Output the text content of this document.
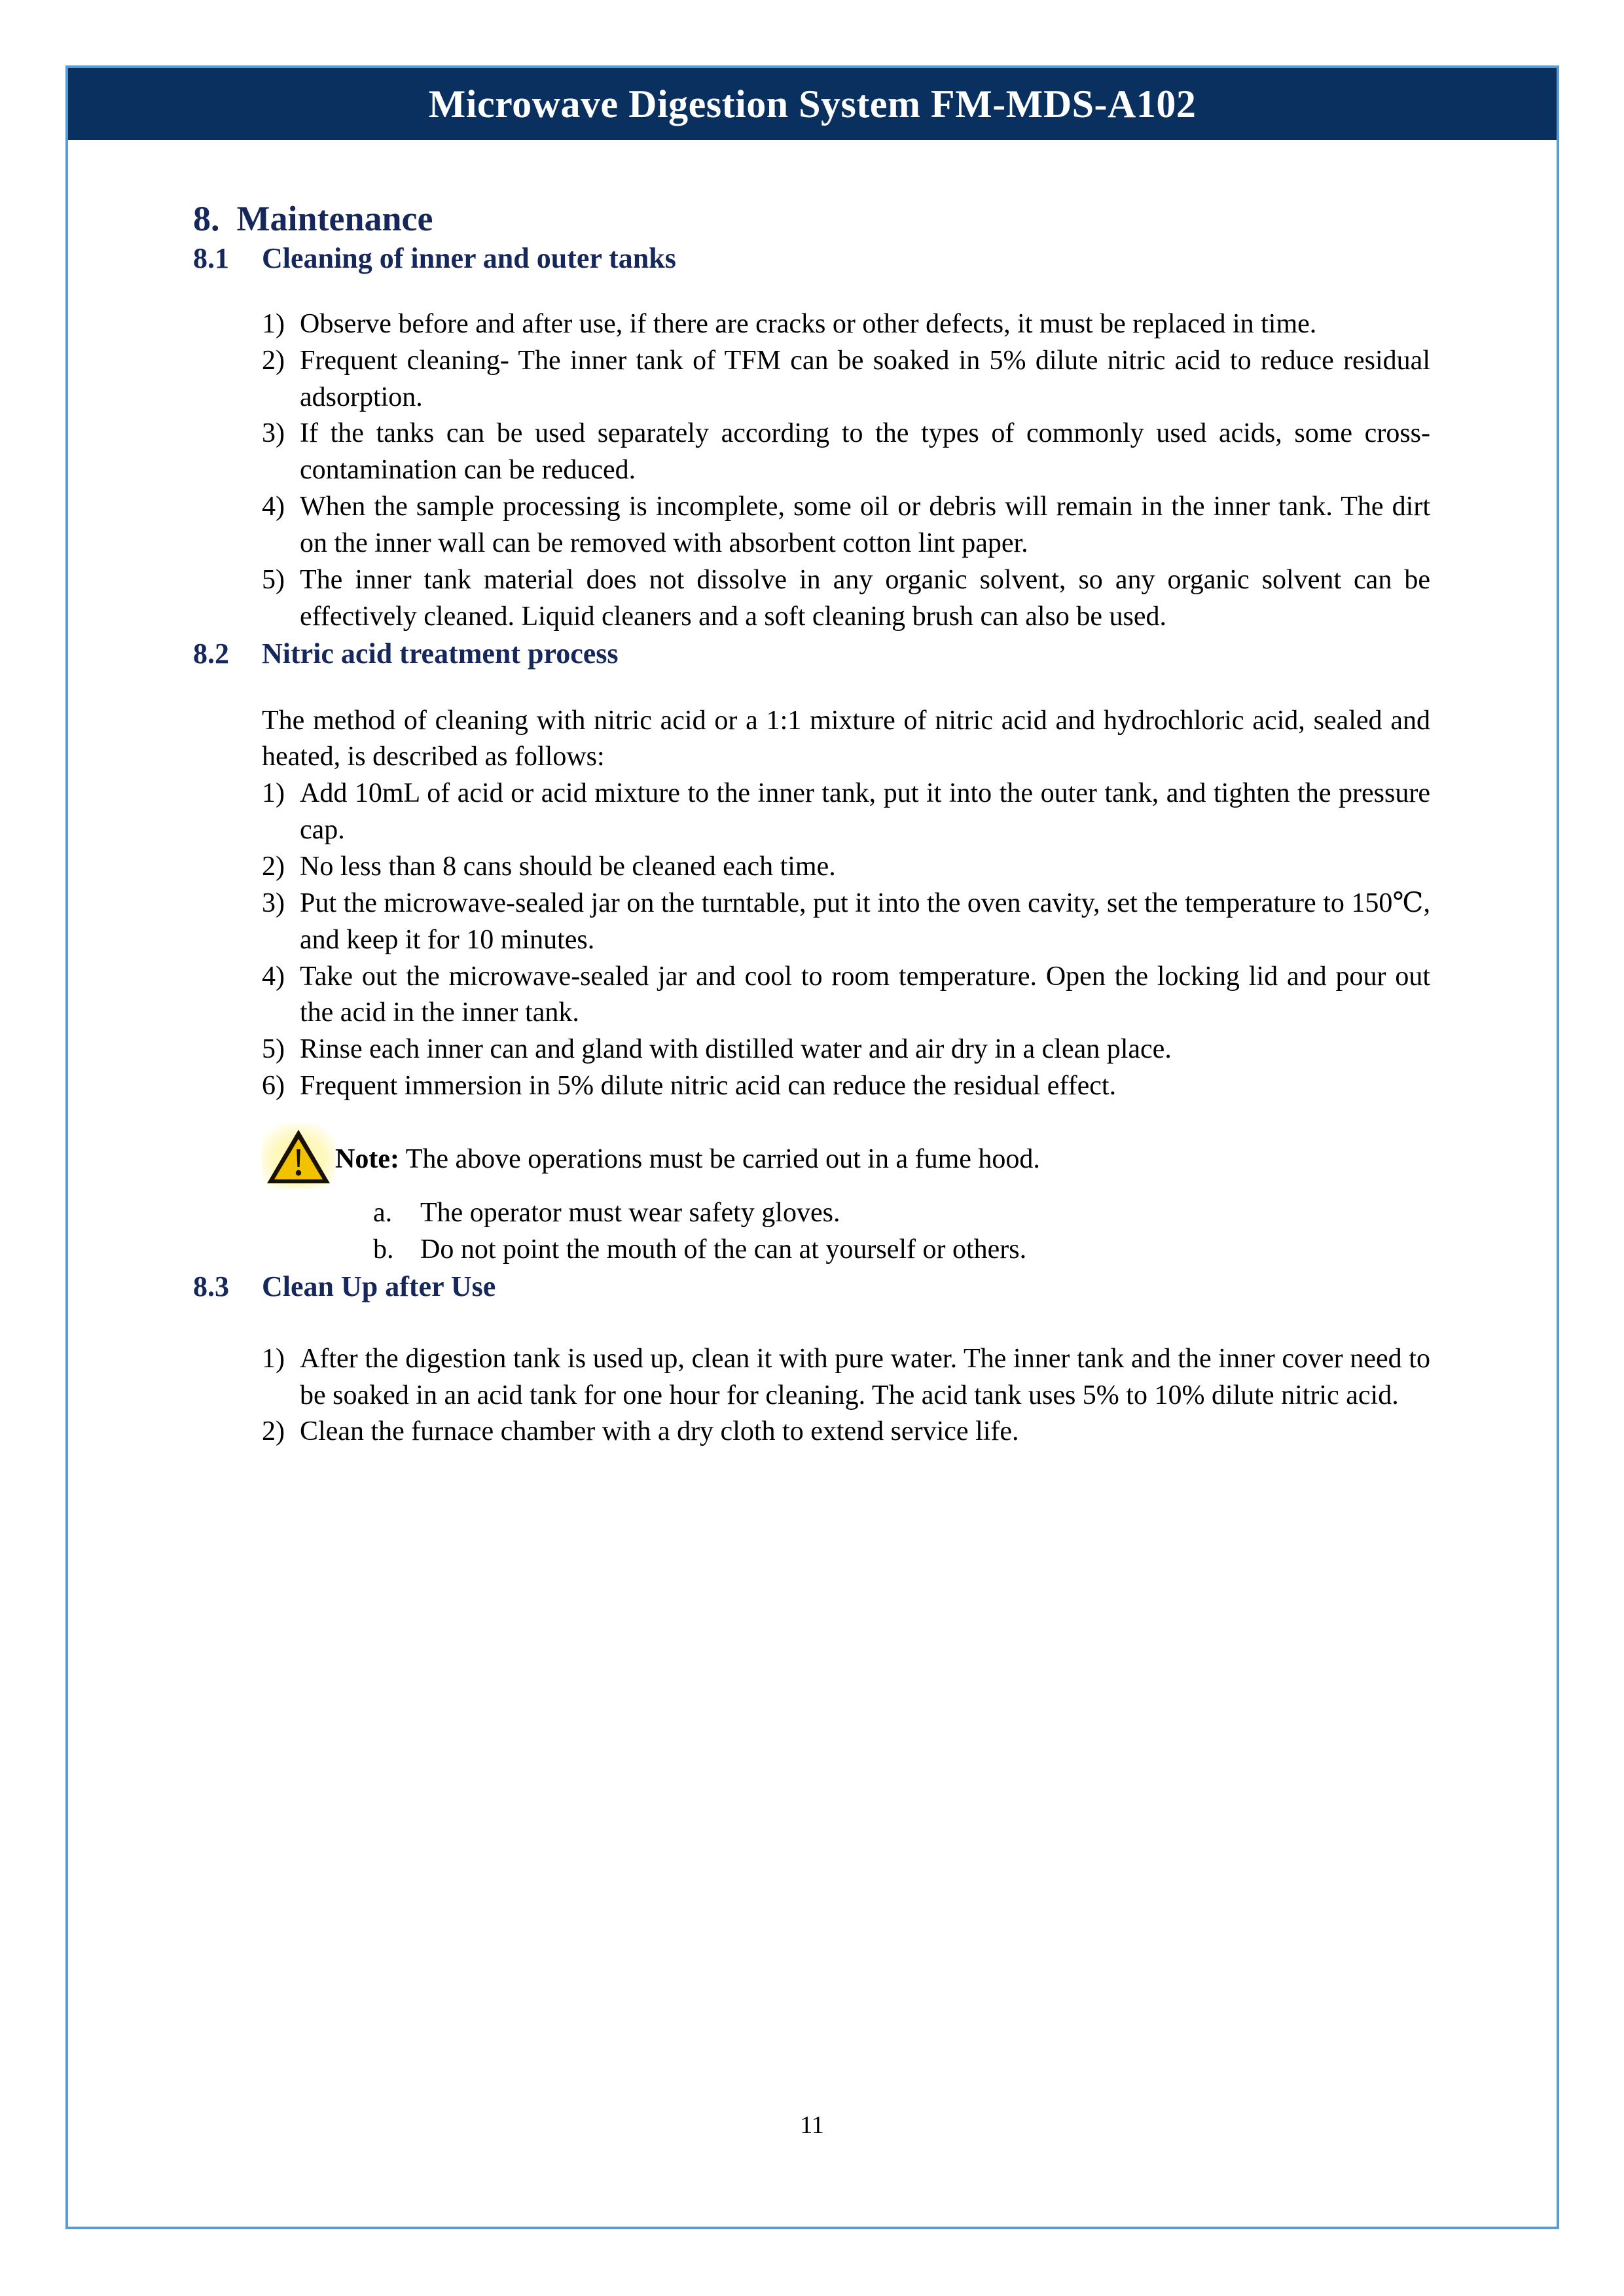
Microwave Digestion System FM-MDS-A102
8. Maintenance
8.1	Cleaning of inner and outer tanks
1) Observe before and after use, if there are cracks or other defects, it must be replaced in time.
2) Frequent cleaning- The inner tank of TFM can be soaked in 5% dilute nitric acid to reduce residual adsorption.
3) If the tanks can be used separately according to the types of commonly used acids, some cross-contamination can be reduced.
4) When the sample processing is incomplete, some oil or debris will remain in the inner tank. The dirt on the inner wall can be removed with absorbent cotton lint paper.
5) The inner tank material does not dissolve in any organic solvent, so any organic solvent can be effectively cleaned. Liquid cleaners and a soft cleaning brush can also be used.
8.2	Nitric acid treatment process

The method of cleaning with nitric acid or a 1:1 mixture of nitric acid and hydrochloric acid, sealed and heated, is described as follows:

1) Add 10mL of acid or acid mixture to the inner tank, put it into the outer tank, and tighten the pressure cap.
2) No less than 8 cans should be cleaned each time.
3) Put the microwave-sealed jar on the turntable, put it into the oven cavity, set the temperature to 150℃, and keep it for 10 minutes.
4) Take out the microwave-sealed jar and cool to room temperature. Open the locking lid and pour out the acid in the inner tank.
5) Rinse each inner can and gland with distilled water and air dry in a clean place.
6) Frequent immersion in 5% dilute nitric acid can reduce the residual effect.
Note: The above operations must be carried out in a fume hood.
a.	The operator must wear safety gloves.
b. Do not point the mouth of the can at yourself or others.
8.3	Clean Up after Use
1) After the digestion tank is used up, clean it with pure water. The inner tank and the inner cover need to be soaked in an acid tank for one hour for cleaning. The acid tank uses 5% to 10% dilute nitric acid.
2) Clean the furnace chamber with a dry cloth to extend service life.
11
